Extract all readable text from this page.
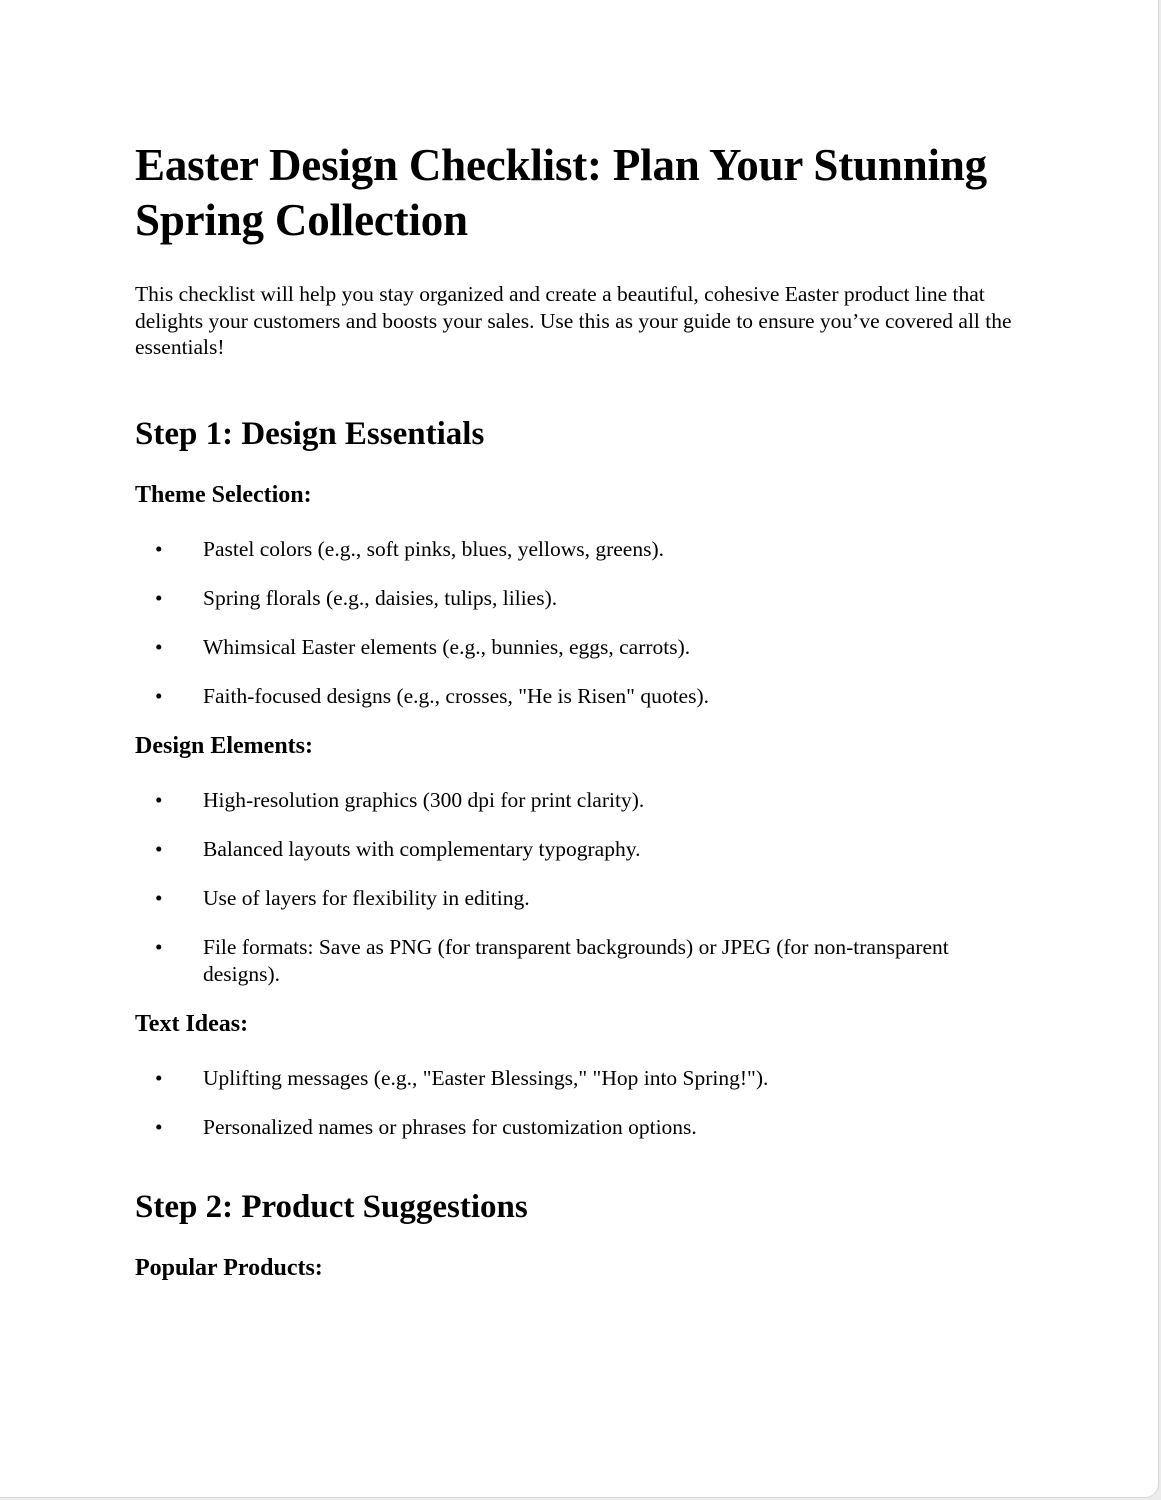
Easter Design Checklist: Plan Your Stunning Spring Collection

This checklist will help you stay organized and create a beautiful, cohesive Easter product line that delights your customers and boosts your sales. Use this as your guide to ensure you’ve covered all the essentials!

Step 1: Design Essentials
Theme Selection:
• Pastel colors (e.g., soft pinks, blues, yellows, greens).
• Spring florals (e.g., daisies, tulips, lilies).
• Whimsical Easter elements (e.g., bunnies, eggs, carrots).
• Faith-focused designs (e.g., crosses, "He is Risen" quotes).
Design Elements:
• High-resolution graphics (300 dpi for print clarity).
• Balanced layouts with complementary typography.
• Use of layers for flexibility in editing.
• File formats: Save as PNG (for transparent backgrounds) or JPEG (for non-transparent designs).
Text Ideas:
• Uplifting messages (e.g., "Easter Blessings," "Hop into Spring!").
• Personalized names or phrases for customization options.
Step 2: Product Suggestions
Popular Products:
